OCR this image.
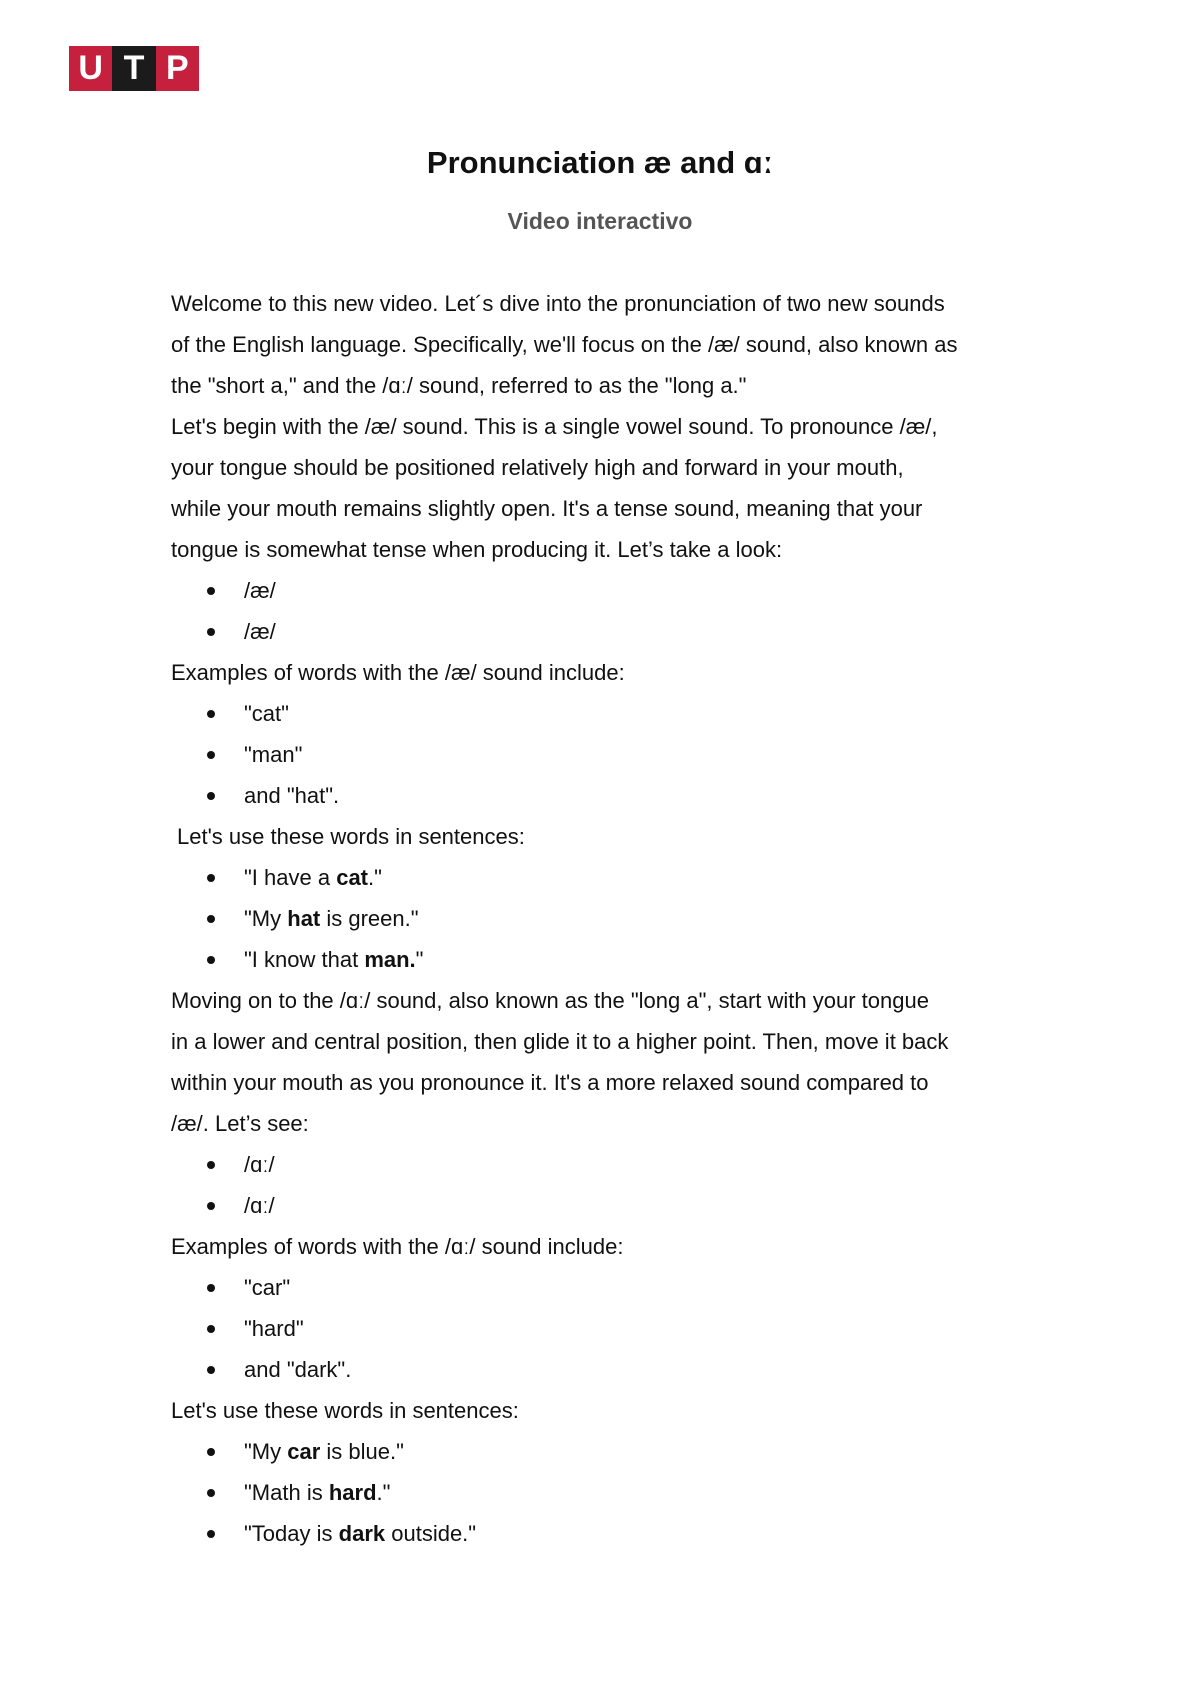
U T P
Pronunciation æ and ɑː
Video interactivo

Welcome to this new video. Let´s dive into the pronunciation of two new sounds

of the English language. Specifically, we'll focus on the /æ/ sound, also known as

the "short a," and the /ɑː/ sound, referred to as the "long a."

Let's begin with the /æ/ sound. This is a single vowel sound. To pronounce /æ/,

your tongue should be positioned relatively high and forward in your mouth,

while your mouth remains slightly open. It's a tense sound, meaning that your

tongue is somewhat tense when producing it. Let’s take a look:

/æ/
/æ/

Examples of words with the /æ/ sound include:

"cat"
"man"
and "hat".

Let's use these words in sentences:

"I have a cat."
"My hat is green."
"I know that man."

Moving on to the /ɑː/ sound, also known as the "long a", start with your tongue

in a lower and central position, then glide it to a higher point. Then, move it back

within your mouth as you pronounce it. It's a more relaxed sound compared to

/æ/. Let’s see:

/ɑː/
/ɑː/

Examples of words with the /ɑː/ sound include:

"car"
"hard"
and "dark".

Let's use these words in sentences:

"My car is blue."
"Math is hard."
"Today is dark outside."
